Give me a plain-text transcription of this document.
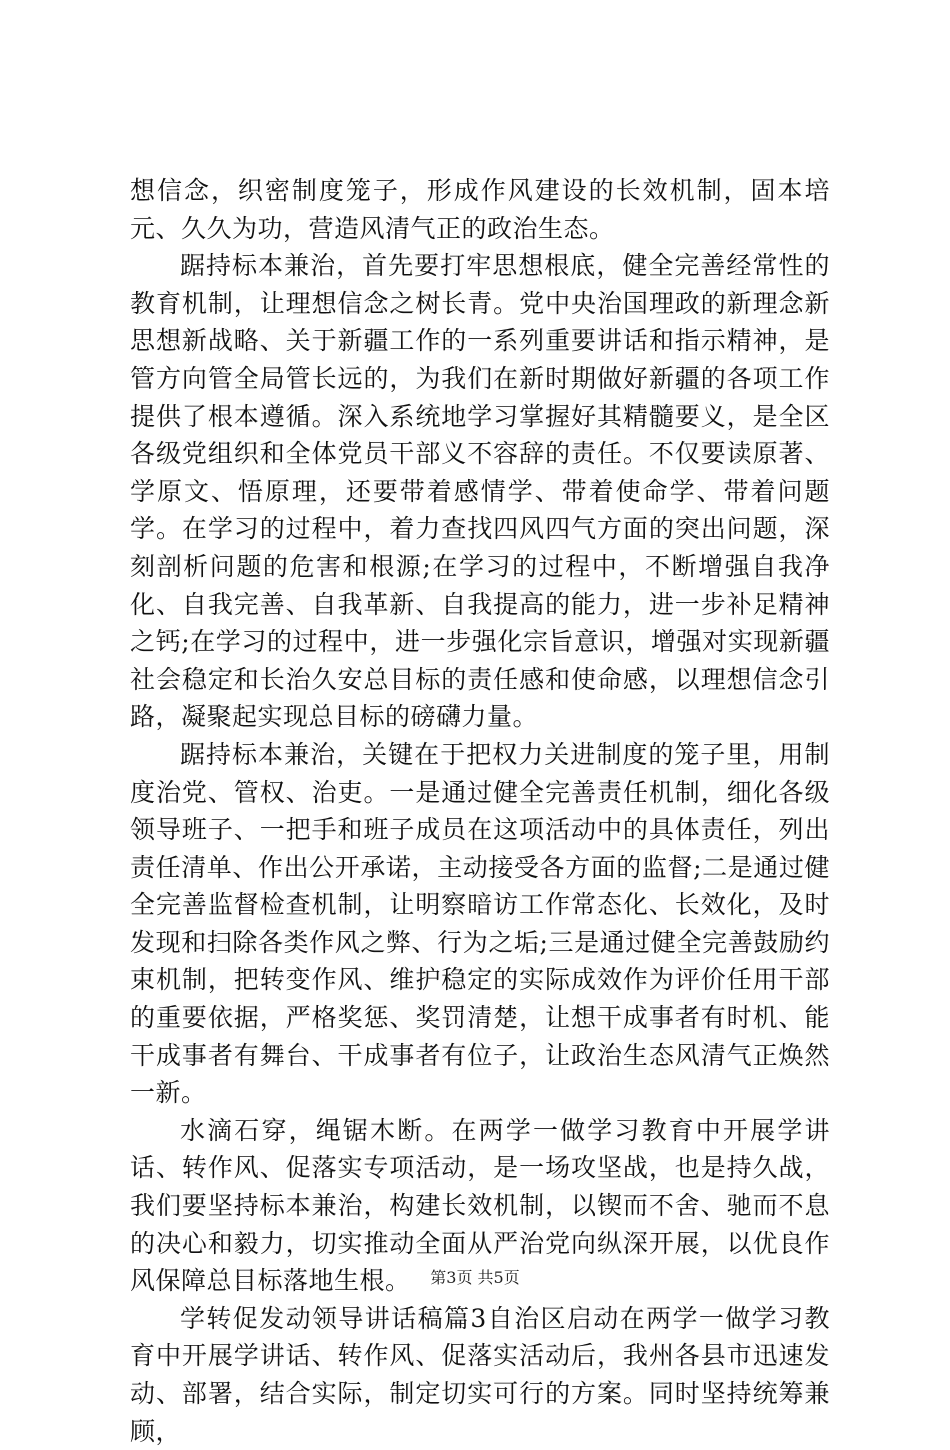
想信念，织密制度笼子，形成作风建设的长效机制，固本培元、久久为功，营造风清气正的政治生态。

踞持标本兼治，首先要打牢思想根底，健全完善经常性的教育机制，让理想信念之树长青。党中央治国理政的新理念新思想新战略、关于新疆工作的一系列重要讲话和指示精神，是管方向管全局管长远的，为我们在新时期做好新疆的各项工作提供了根本遵循。深入系统地学习掌握好其精髓要义，是全区各级党组织和全体党员干部义不容辞的责任。不仅要读原著、学原文、悟原理，还要带着感情学、带着使命学、带着问题学。在学习的过程中，着力查找四风四气方面的突出问题，深刻剖析问题的危害和根源;在学习的过程中，不断增强自我净化、自我完善、自我革新、自我提高的能力，进一步补足精神之钙;在学习的过程中，进一步强化宗旨意识，增强对实现新疆社会稳定和长治久安总目标的责任感和使命感，以理想信念引路，凝聚起实现总目标的磅礴力量。

踞持标本兼治，关键在于把权力关进制度的笼子里，用制度治党、管权、治吏。一是通过健全完善责任机制，细化各级领导班子、一把手和班子成员在这项活动中的具体责任，列出责任清单、作出公开承诺，主动接受各方面的监督;二是通过健全完善监督检查机制，让明察暗访工作常态化、长效化，及时发现和扫除各类作风之弊、行为之垢;三是通过健全完善鼓励约束机制，把转变作风、维护稳定的实际成效作为评价任用干部的重要依据，严格奖惩、奖罚清楚，让想干成事者有时机、能干成事者有舞台、干成事者有位子，让政治生态风清气正焕然一新。

水滴石穿，绳锯木断。在两学一做学习教育中开展学讲话、转作风、促落实专项活动，是一场攻坚战，也是持久战，我们要坚持标本兼治，构建长效机制，以锲而不舍、驰而不息的决心和毅力，切实推动全面从严治党向纵深开展，以优良作风保障总目标落地生根。

学转促发动领导讲话稿篇3自治区启动在两学一做学习教育中开展学讲话、转作风、促落实活动后，我州各县市迅速发动、部署，结合实际，制定切实可行的方案。同时坚持统筹兼顾，

第3页 共5页
